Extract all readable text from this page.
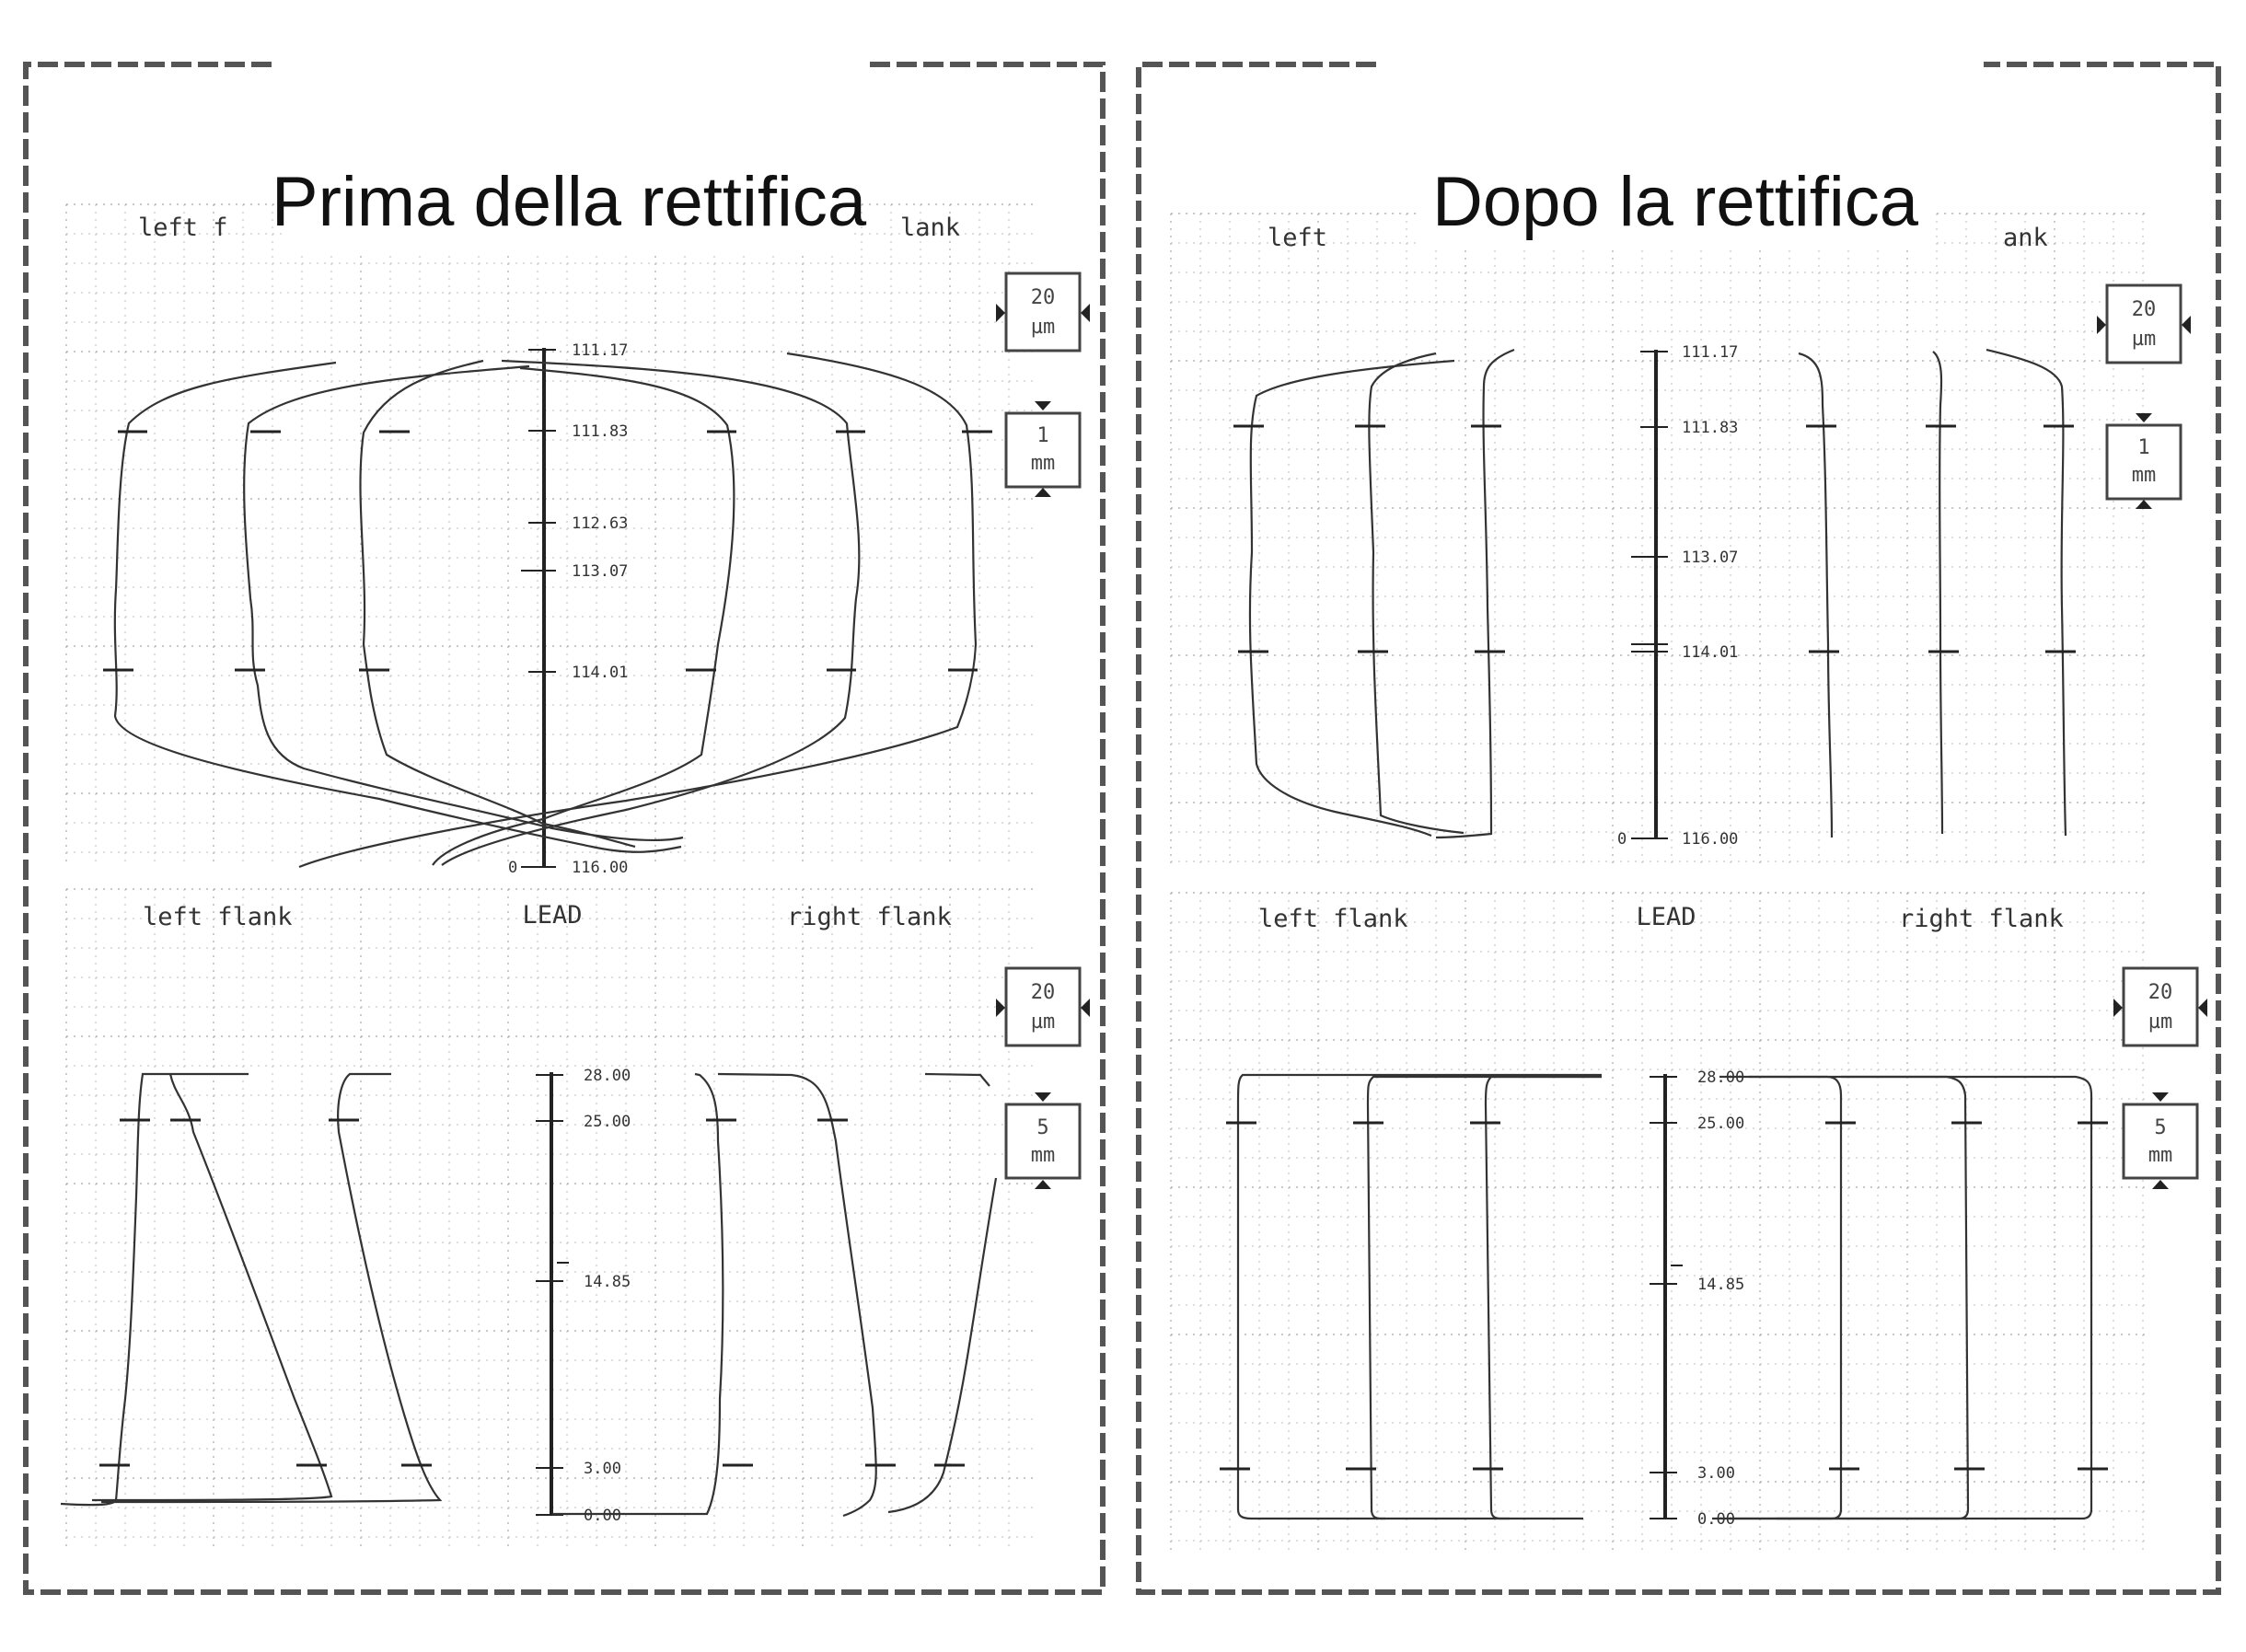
Prima della rettifica
left f	lank
111.17
111.83
112.63
113.07
114.01
116.00
0
20
µm
1
mm
left flank	LEAD	right flank
28.00
25.00
14.85
3.00
0.00
20
µm
5
mm
Dopo la rettifica
left	ank
111.17
111.83
113.07
114.01
116.00
0
20
µm
1
mm
left flank	LEAD	right flank
28.00
25.00
14.85
3.00
0.00
20
µm
5
mm
